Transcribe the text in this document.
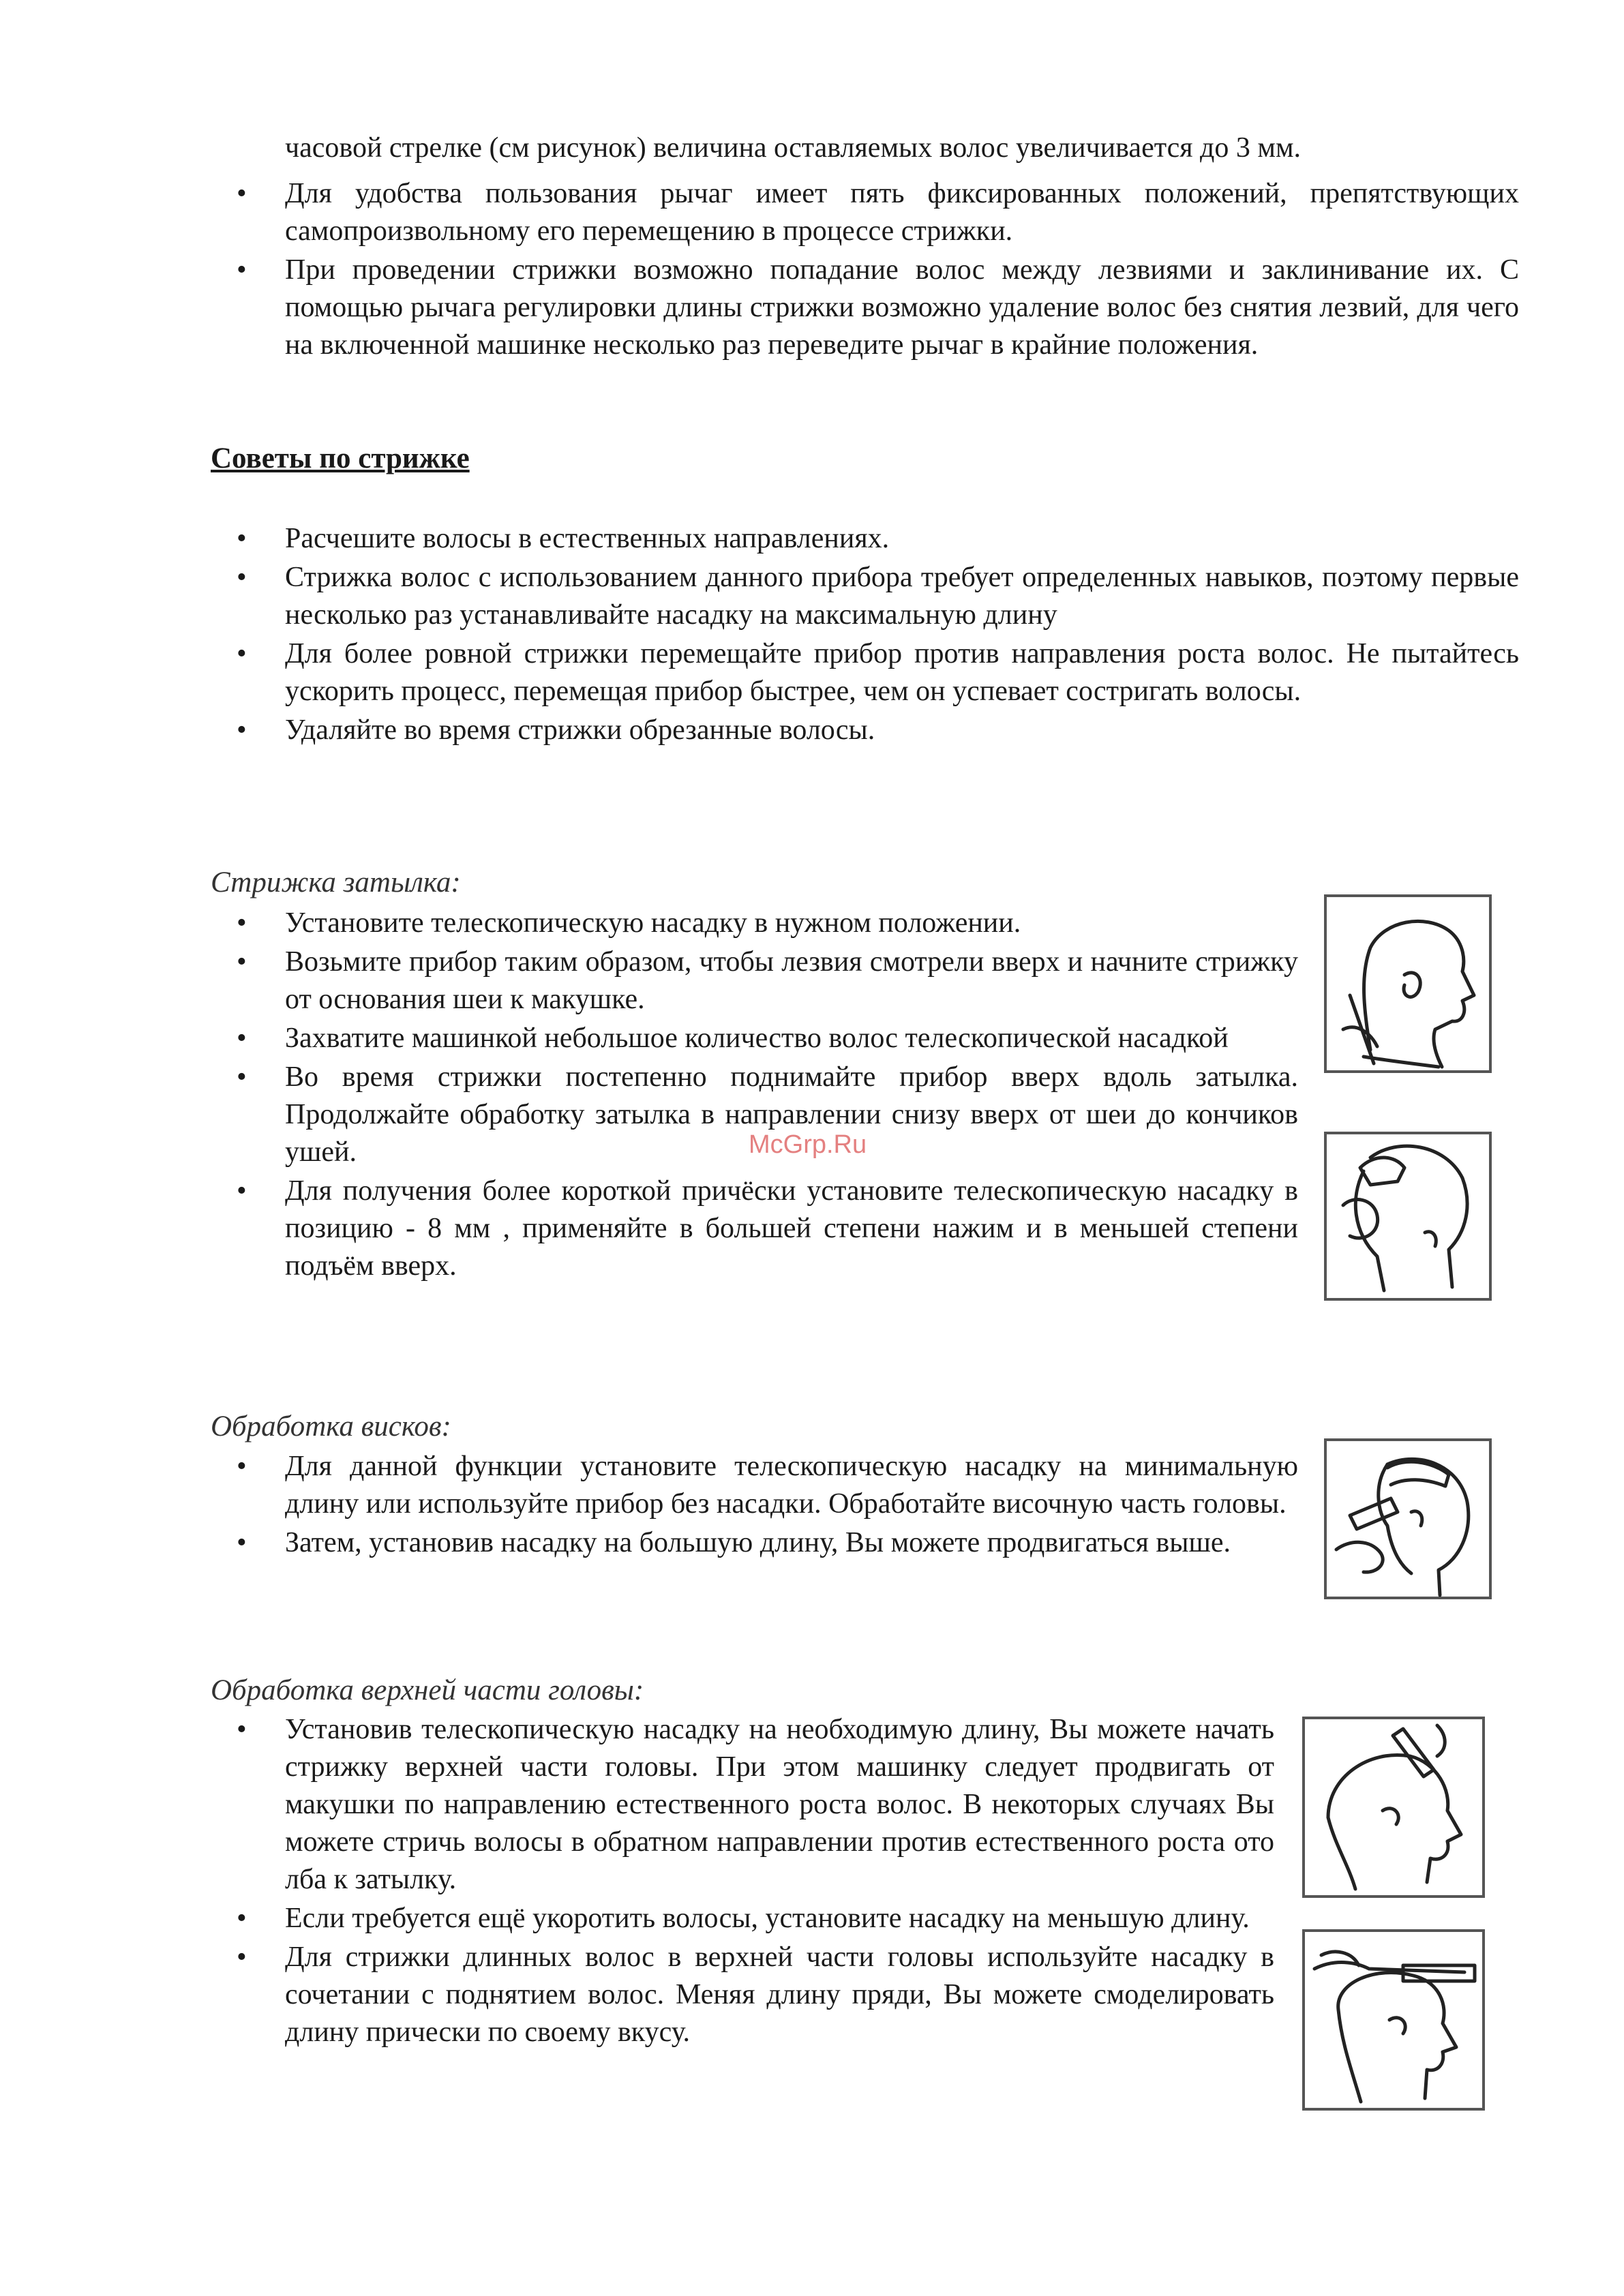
часовой стрелке (см рисунок) величина оставляемых волос увеличивается до 3 мм.
• Для удобства пользования рычаг имеет пять фиксированных положений, препятствующих самопроизвольному его перемещению в процессе стрижки.
• При проведении стрижки возможно попадание волос между лезвиями и заклинивание их. С помощью рычага регулировки длины стрижки возможно удаление волос без снятия лезвий, для чего на включенной машинке несколько раз переведите рычаг в крайние положения.
Советы по стрижке
• Расчешите волосы в естественных направлениях.
• Стрижка волос с использованием данного прибора требует определенных навыков, поэтому первые несколько раз устанавливайте насадку на максимальную длину
• Для более ровной стрижки перемещайте прибор против направления роста волос. Не пытайтесь ускорить процесс, перемещая прибор быстрее, чем он успевает состригать волосы.
• Удаляйте во время стрижки обрезанные волосы.
Стрижка затылка:
• Установите телескопическую насадку в нужном положении.
• Возьмите прибор таким образом, чтобы лезвия смотрели вверх и начните стрижку от основания шеи к макушке.
• Захватите машинкой небольшое количество волос телескопической насадкой
• Во время стрижки постепенно поднимайте прибор вверх вдоль затылка. Продолжайте обработку затылка в направлении снизу вверх от шеи до кончиков ушей.
• Для получения более короткой причёски установите телескопическую насадку в позицию - 8 мм , применяйте в большей степени нажим и в меньшей степени подъём вверх.
McGrp.Ru
Обработка висков:
• Для данной функции установите телескопическую насадку на минимальную длину или используйте прибор без насадки. Обработайте височную часть головы.
• Затем, установив насадку на большую длину, Вы можете продвигаться выше.
Обработка верхней части головы:
• Установив телескопическую насадку на необходимую длину, Вы можете начать стрижку верхней части головы. При этом машинку следует продвигать от макушки по направлению естественного роста волос. В некоторых случаях Вы можете стричь волосы в обратном направлении против естественного роста ото лба к затылку.
• Если требуется ещё укоротить волосы, установите насадку на меньшую длину.
• Для стрижки длинных волос в верхней части головы используйте насадку в сочетании с поднятием волос. Меняя длину пряди, Вы можете смоделировать длину прически по своему вкусу.
